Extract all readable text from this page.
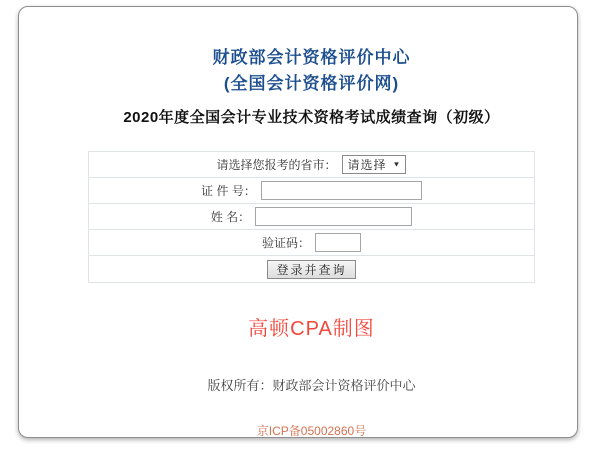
财政部会计资格评价中心
(全国会计资格评价网)
2020年度全国会计专业技术资格考试成绩查询（初级）
请选择您报考的省市： 请选择 ▼
证 件 号：
姓 名：
验证码：
登录并查询
高顿CPA制图
版权所有：财政部会计资格评价中心

京ICP备05002860号
